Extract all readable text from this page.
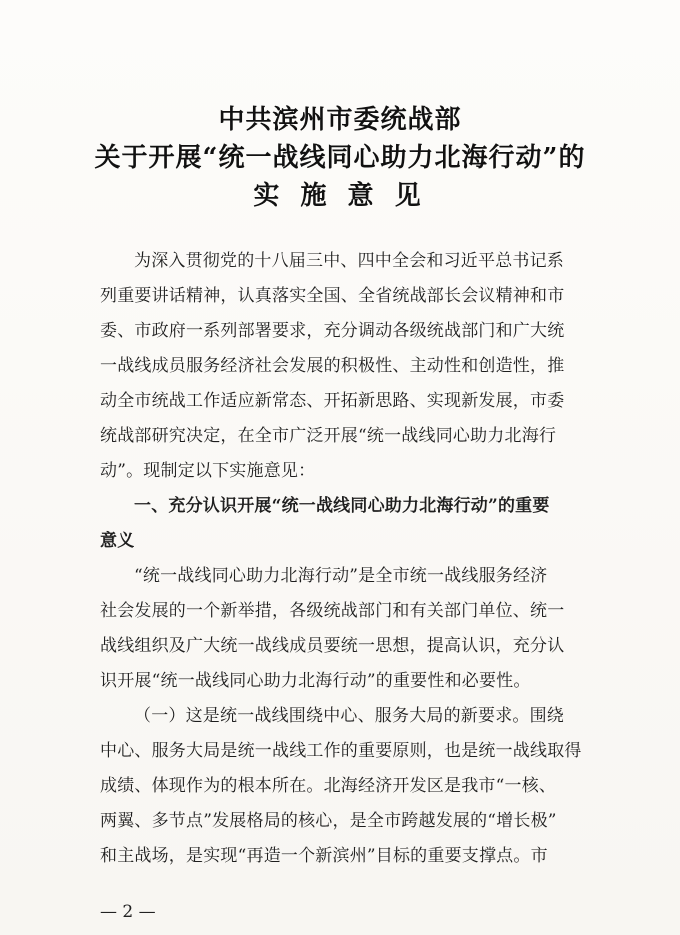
中共滨州市委统战部
关于开展“统一战线同心助力北海行动”的
实 施 意 见
为深入贯彻党的十八届三中、四中全会和习近平总书记系
列重要讲话精神，认真落实全国、全省统战部长会议精神和市
委、市政府一系列部署要求，充分调动各级统战部门和广大统
一战线成员服务经济社会发展的积极性、主动性和创造性，推
动全市统战工作适应新常态、开拓新思路、实现新发展，市委
统战部研究决定，在全市广泛开展“统一战线同心助力北海行
动”。现制定以下实施意见：
一、充分认识开展“统一战线同心助力北海行动”的重要
意义
“统一战线同心助力北海行动”是全市统一战线服务经济
社会发展的一个新举措，各级统战部门和有关部门单位、统一
战线组织及广大统一战线成员要统一思想，提高认识，充分认
识开展“统一战线同心助力北海行动”的重要性和必要性。
（一）这是统一战线围绕中心、服务大局的新要求。围绕
中心、服务大局是统一战线工作的重要原则，也是统一战线取得
成绩、体现作为的根本所在。北海经济开发区是我市“一核、
两翼、多节点”发展格局的核心，是全市跨越发展的“增长极”
和主战场，是实现“再造一个新滨州”目标的重要支撑点。市
— 2 —
